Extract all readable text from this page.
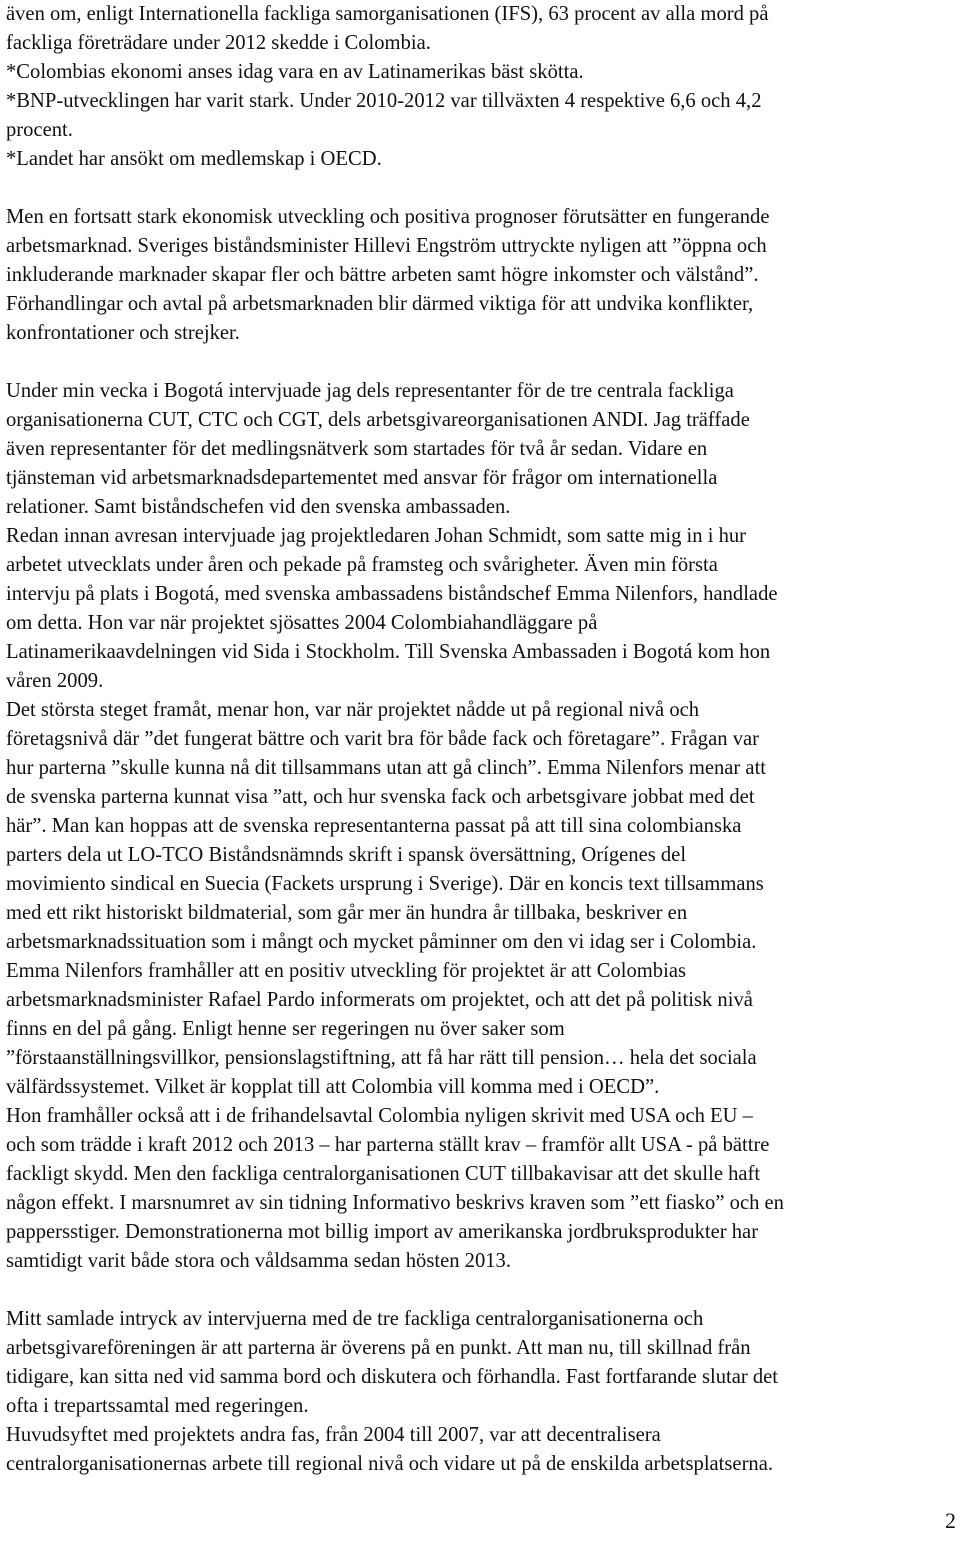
även om, enligt Internationella fackliga samorganisationen (IFS), 63 procent av alla mord på
fackliga företrädare under 2012 skedde i Colombia.
*Colombias ekonomi anses idag vara en av Latinamerikas bäst skötta.
*BNP-utvecklingen har varit stark. Under 2010-2012 var tillväxten 4 respektive 6,6 och 4,2
procent.
*Landet har ansökt om medlemskap i OECD.

Men en fortsatt stark ekonomisk utveckling och positiva prognoser förutsätter en fungerande
arbetsmarknad. Sveriges biståndsminister Hillevi Engström uttryckte nyligen att ”öppna och
inkluderande marknader skapar fler och bättre arbeten samt högre inkomster och välstånd”.
Förhandlingar och avtal på arbetsmarknaden blir därmed viktiga för att undvika konflikter,
konfrontationer och strejker.

Under min vecka i Bogotá intervjuade jag dels representanter för de tre centrala fackliga
organisationerna CUT, CTC och CGT, dels arbetsgivareorganisationen ANDI. Jag träffade
även representanter för det medlingsnätverk som startades för två år sedan. Vidare en
tjänsteman vid arbetsmarknadsdepartementet med ansvar för frågor om internationella
relationer. Samt biståndschefen vid den svenska ambassaden.
Redan innan avresan intervjuade jag projektledaren Johan Schmidt, som satte mig in i hur
arbetet utvecklats under åren och pekade på framsteg och svårigheter. Även min första
intervju på plats i Bogotá, med svenska ambassadens biståndschef Emma Nilenfors, handlade
om detta. Hon var när projektet sjösattes 2004 Colombiahandläggare på
Latinamerikaavdelningen vid Sida i Stockholm. Till Svenska Ambassaden i Bogotá kom hon
våren 2009.
Det största steget framåt, menar hon, var när projektet nådde ut på regional nivå och
företagsnivå där ”det fungerat bättre och varit bra för både fack och företagare”. Frågan var
hur parterna ”skulle kunna nå dit tillsammans utan att gå clinch”. Emma Nilenfors menar att
de svenska parterna kunnat visa ”att, och hur svenska fack och arbetsgivare jobbat med det
här”. Man kan hoppas att de svenska representanterna passat på att till sina colombianska
parters dela ut LO-TCO Biståndsnämnds skrift i spansk översättning, Orígenes del
movimiento sindical en Suecia (Fackets ursprung i Sverige). Där en koncis text tillsammans
med ett rikt historiskt bildmaterial, som går mer än hundra år tillbaka, beskriver en
arbetsmarknadssituation som i mångt och mycket påminner om den vi idag ser i Colombia.
Emma Nilenfors framhåller att en positiv utveckling för projektet är att Colombias
arbetsmarknadsminister Rafael Pardo informerats om projektet, och att det på politisk nivå
finns en del på gång. Enligt henne ser regeringen nu över saker som
”förstaanställningsvillkor, pensionslagstiftning, att få har rätt till pension… hela det sociala
välfärdssystemet. Vilket är kopplat till att Colombia vill komma med i OECD”.
Hon framhåller också att i de frihandelsavtal Colombia nyligen skrivit med USA och EU –
och som trädde i kraft 2012 och 2013 – har parterna ställt krav – framför allt USA - på bättre
fackligt skydd. Men den fackliga centralorganisationen CUT tillbakavisar att det skulle haft
någon effekt. I marsnumret av sin tidning Informativo beskrivs kraven som ”ett fiasko” och en
pappersstiger. Demonstrationerna mot billig import av amerikanska jordbruksprodukter har
samtidigt varit både stora och våldsamma sedan hösten 2013.

Mitt samlade intryck av intervjuerna med de tre fackliga centralorganisationerna och
arbetsgivareföreningen är att parterna är överens på en punkt. Att man nu, till skillnad från
tidigare, kan sitta ned vid samma bord och diskutera och förhandla. Fast fortfarande slutar det
ofta i trepartssamtal med regeringen.
Huvudsyftet med projektets andra fas, från 2004 till 2007, var att decentralisera
centralorganisationernas arbete till regional nivå och vidare ut på de enskilda arbetsplatserna.

2
